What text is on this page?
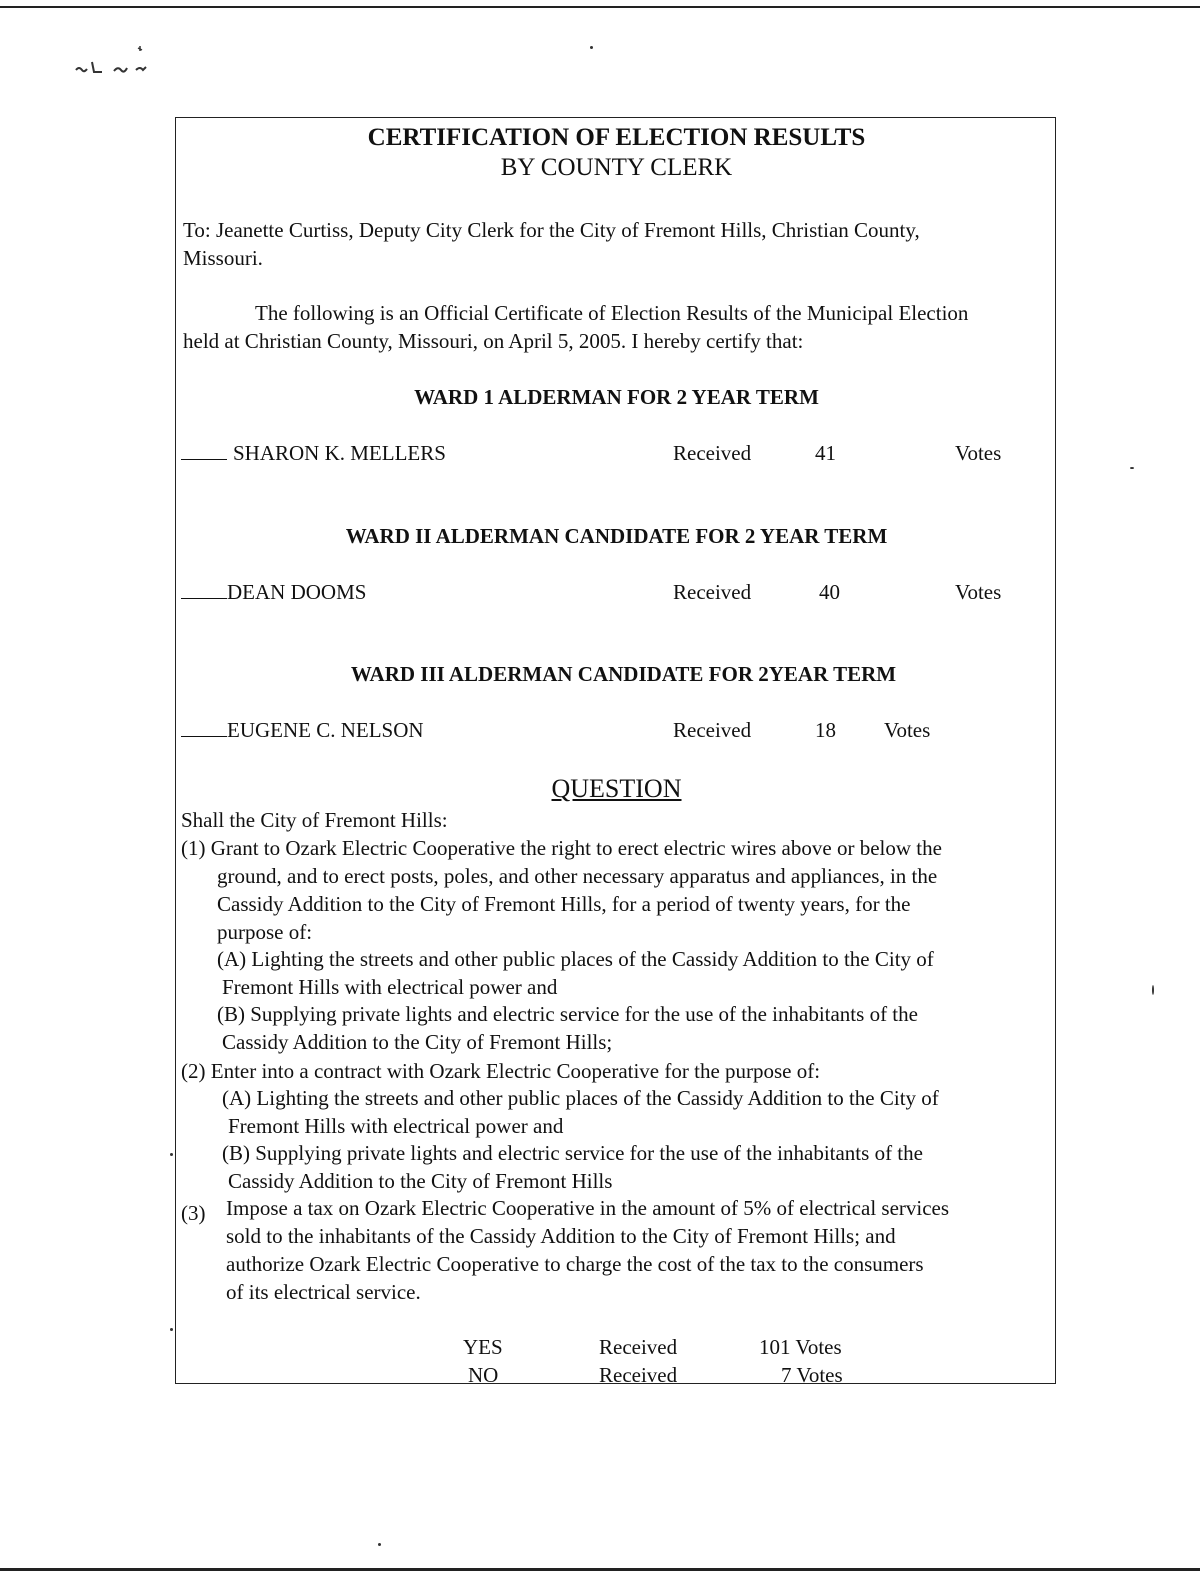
CERTIFICATION OF ELECTION RESULTS
BY COUNTY CLERK
To: Jeanette Curtiss, Deputy City Clerk for the City of Fremont Hills, Christian County,
Missouri.
The following is an Official Certificate of Election Results of the Municipal Election
held at Christian County, Missouri, on April 5, 2005. I hereby certify that:
WARD 1 ALDERMAN FOR 2 YEAR TERM
SHARON K. MELLERS	Received	41	Votes
WARD II ALDERMAN CANDIDATE FOR 2 YEAR TERM
DEAN DOOMS	Received	40	Votes
WARD III ALDERMAN CANDIDATE FOR 2YEAR TERM
EUGENE C. NELSON	Received	18 Votes
QUESTION
Shall the City of Fremont Hills:
(1) Grant to Ozark Electric Cooperative the right to erect electric wires above or below the
ground, and to erect posts, poles, and other necessary apparatus and appliances, in the
Cassidy Addition to the City of Fremont Hills, for a period of twenty years, for the
purpose of:
(A) Lighting the streets and other public places of the Cassidy Addition to the City of
Fremont Hills with electrical power and
(B) Supplying private lights and electric service for the use of the inhabitants of the
Cassidy Addition to the City of Fremont Hills;
(2) Enter into a contract with Ozark Electric Cooperative for the purpose of:
(A) Lighting the streets and other public places of the Cassidy Addition to the City of
Fremont Hills with electrical power and
(B) Supplying private lights and electric service for the use of the inhabitants of the
Cassidy Addition to the City of Fremont Hills
(3) Impose a tax on Ozark Electric Cooperative in the amount of 5% of electrical services
sold to the inhabitants of the Cassidy Addition to the City of Fremont Hills; and
authorize Ozark Electric Cooperative to charge the cost of the tax to the consumers
of its electrical service.
YES	Received	101 Votes
NO	Received	7 Votes
